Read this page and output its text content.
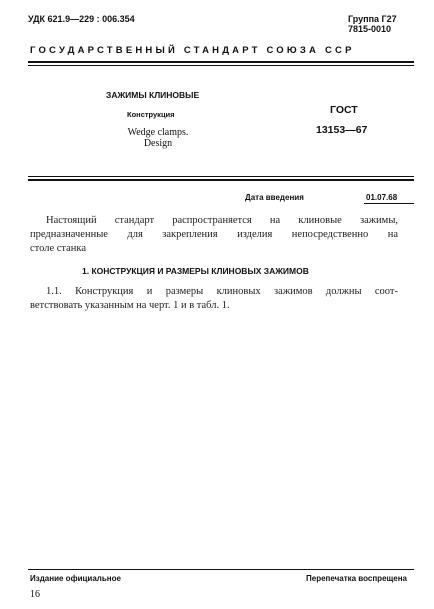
УДК 621.9—229 : 006.354	Группа Г27
7815-0010
ГОСУДАРСТВЕННЫЙ СТАНДАРТ СОЮЗА ССР
ЗАЖИМЫ КЛИНОВЫЕ
Конструкция
Wedge clamps.
Design
ГОСТ
13153—67
Дата введения	01.07.68
Настоящий стандарт распространяется на клиновые зажимы,
предназначенные для закрепления изделия непосредственно на
столе станка
1. КОНСТРУКЦИЯ И РАЗМЕРЫ КЛИНОВЫХ ЗАЖИМОВ
1.1. Конструкция и размеры клиновых зажимов должны соот-
ветствовать указанным на черт. 1 и в табл. 1.
Издание официальное	Перепечатка воспрещена
16
